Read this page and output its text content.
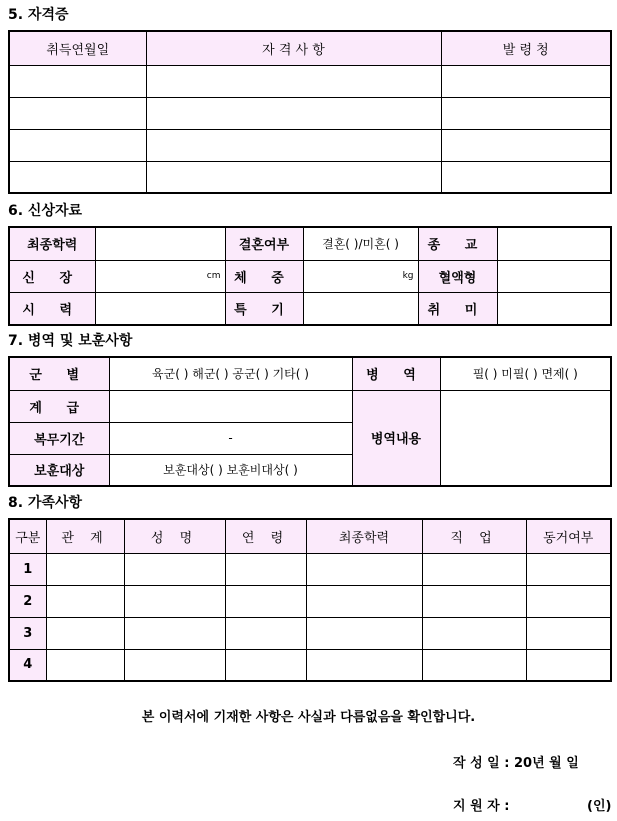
5. 자격증
취득연월일	자 격 사 항	발 령 청

6. 신상자료
최종학력		결혼여부	결혼( )/미혼( )	종 교	
신 장	cm	체 중	kg	혈액형	
시 력		특 기		취 미	
7. 병역 및 보훈사항
군 별	육군( ) 해군( ) 공군( ) 기타( )	병 역	필( ) 미필( ) 면제( )
계 급		병역내용	
복무기간	-		
보훈대상	보훈대상( ) 보훈비대상( )		
8. 가족사항
구분	관 계	성 명	연 령	최종학력	직 업	동거여부
1						
2						
3						
4						
본 이력서에 기재한 사항은 사실과 다름없음을 확인합니다.
작 성 일 : 20년 월 일
지 원 자 :	(인)
